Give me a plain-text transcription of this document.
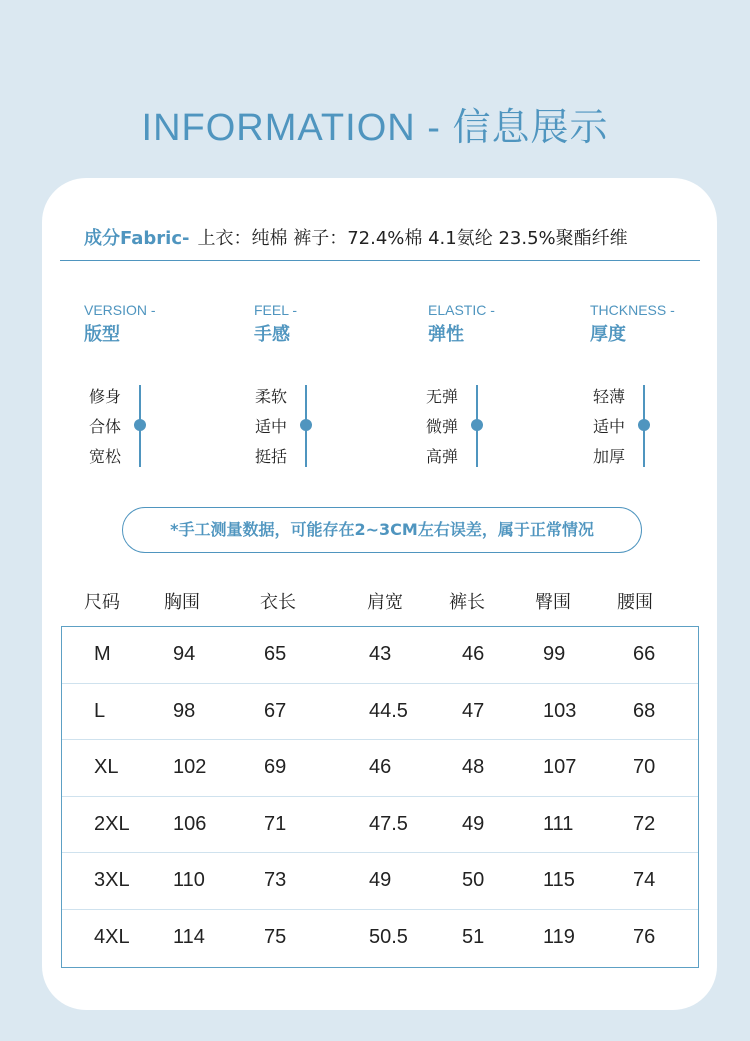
INFORMATION - 信息展示
成分Fabric- 上衣：纯棉 裤子：72.4%棉 4.1氨纶 23.5%聚酯纤维
VERSION -
版型
FEEL -
手感
ELASTIC -
弹性
THCKNESS -
厚度
修身
合体
宽松
柔软
适中
挺括
无弹
微弹
高弹
轻薄
适中
加厚
*手工测量数据，可能存在2~3CM左右误差，属于正常情况
尺码 胸围	衣长	肩宽	裤长	臀围	腰围
M	94	65	43	46	99	66
L	98	67	44.5	47	103	68
XL	102	69	46	48	107	70
2XL 106	71	47.5	49	111	72
3XL 110	73	49	50	115	74
4XL 114	75	50.5	51	119	76
